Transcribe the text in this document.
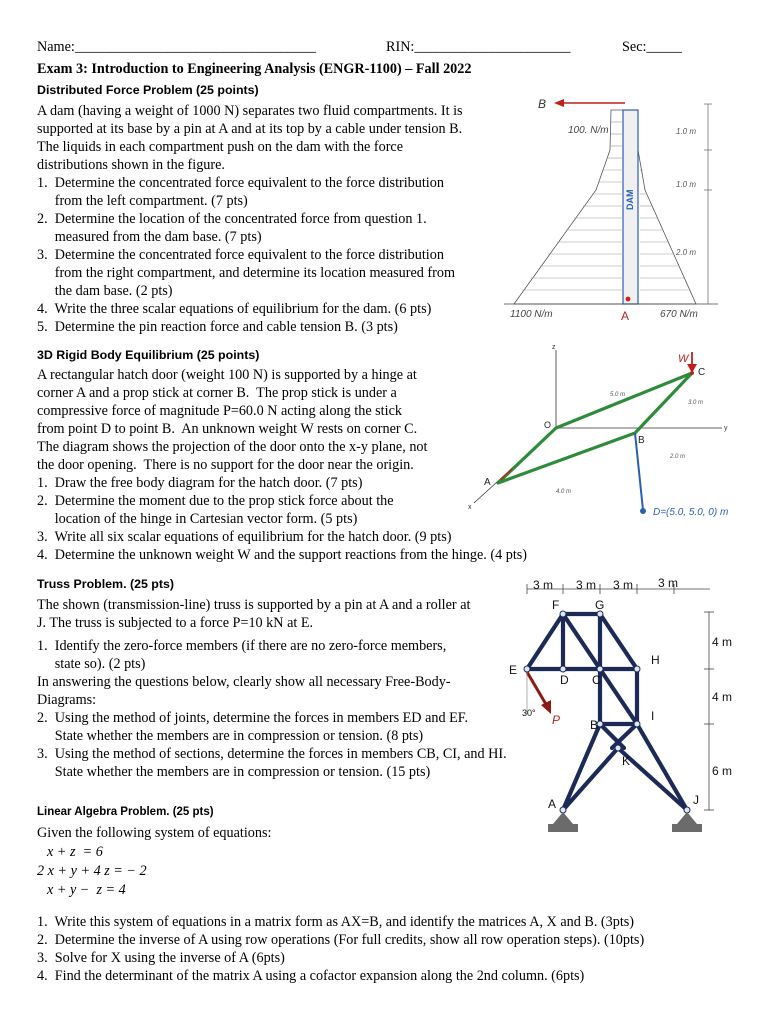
Name:__________________________________	RIN:______________________	Sec:_____
Exam 3: Introduction to Engineering Analysis (ENGR-1100) – Fall 2022
Distributed Force Problem (25 points)
A dam (having a weight of 1000 N) separates two fluid compartments. It is
supported at its base by a pin at A and at its top by a cable under tension B.
The liquids in each compartment push on the dam with the force
distributions shown in the figure.
1.  Determine the concentrated force equivalent to the force distribution
from the left compartment. (7 pts)
2.  Determine the location of the concentrated force from question 1.
measured from the dam base. (7 pts)
3.  Determine the concentrated force equivalent to the force distribution
from the right compartment, and determine its location measured from
the dam base. (2 pts)
4.  Write the three scalar equations of equilibrium for the dam. (6 pts)
5.  Determine the pin reaction force and cable tension B. (3 pts)
B
DAM
100. N/m	1.0 m
1.0 m
2.0 m
1100 N/m	A	670 N/m
3D Rigid Body Equilibrium (25 points)
A rectangular hatch door (weight 100 N) is supported by a hinge at
corner A and a prop stick at corner B.  The prop stick is under a
compressive force of magnitude P=60.0 N acting along the stick
from point D to point B.  An unknown weight W rests on corner C.
The diagram shows the projection of the door onto the x-y plane, not
the door opening.  There is no support for the door near the origin.
1.  Draw the free body diagram for the hatch door. (7 pts)
2.  Determine the moment due to the prop stick force about the
location of the hinge in Cartesian vector form. (5 pts)
3.  Write all six scalar equations of equilibrium for the hatch door. (9 pts)
4.  Determine the unknown weight W and the support reactions from the hinge. (4 pts)
z
y
x
W
C
O
B
A
5.0 m
3.0 m
4.0 m
2.0 m
D=(5.0, 5.0, 0) m
Truss Problem. (25 pts)
The shown (transmission-line) truss is supported by a pin at A and a roller at
J. The truss is subjected to a force P=10 kN at E.
1.  Identify the zero-force members (if there are no zero-force members,
state so). (2 pts)
In answering the questions below, clearly show all necessary Free-Body-
Diagrams:
2.  Using the method of joints, determine the forces in members ED and EF.
State whether the members are in compression or tension. (8 pts)
3.  Using the method of sections, determine the forces in members CB, CI, and HI.
State whether the members are in compression or tension. (15 pts)
3 m 3 m 3 m 3 m
4 m
4 m
6 m
30° P
F	G
E
D C
H
B
I
K
A	J
Linear Algebra Problem. (25 pts)
Given the following system of equations:
x + z  = 6
2 x + y + 4 z = − 2
x + y −  z = 4
1.  Write this system of equations in a matrix form as AX=B, and identify the matrices A, X and B. (3pts)
2.  Determine the inverse of A using row operations (For full credits, show all row operation steps). (10pts)
3.  Solve for X using the inverse of A (6pts)
4.  Find the determinant of the matrix A using a cofactor expansion along the 2nd column. (6pts)
